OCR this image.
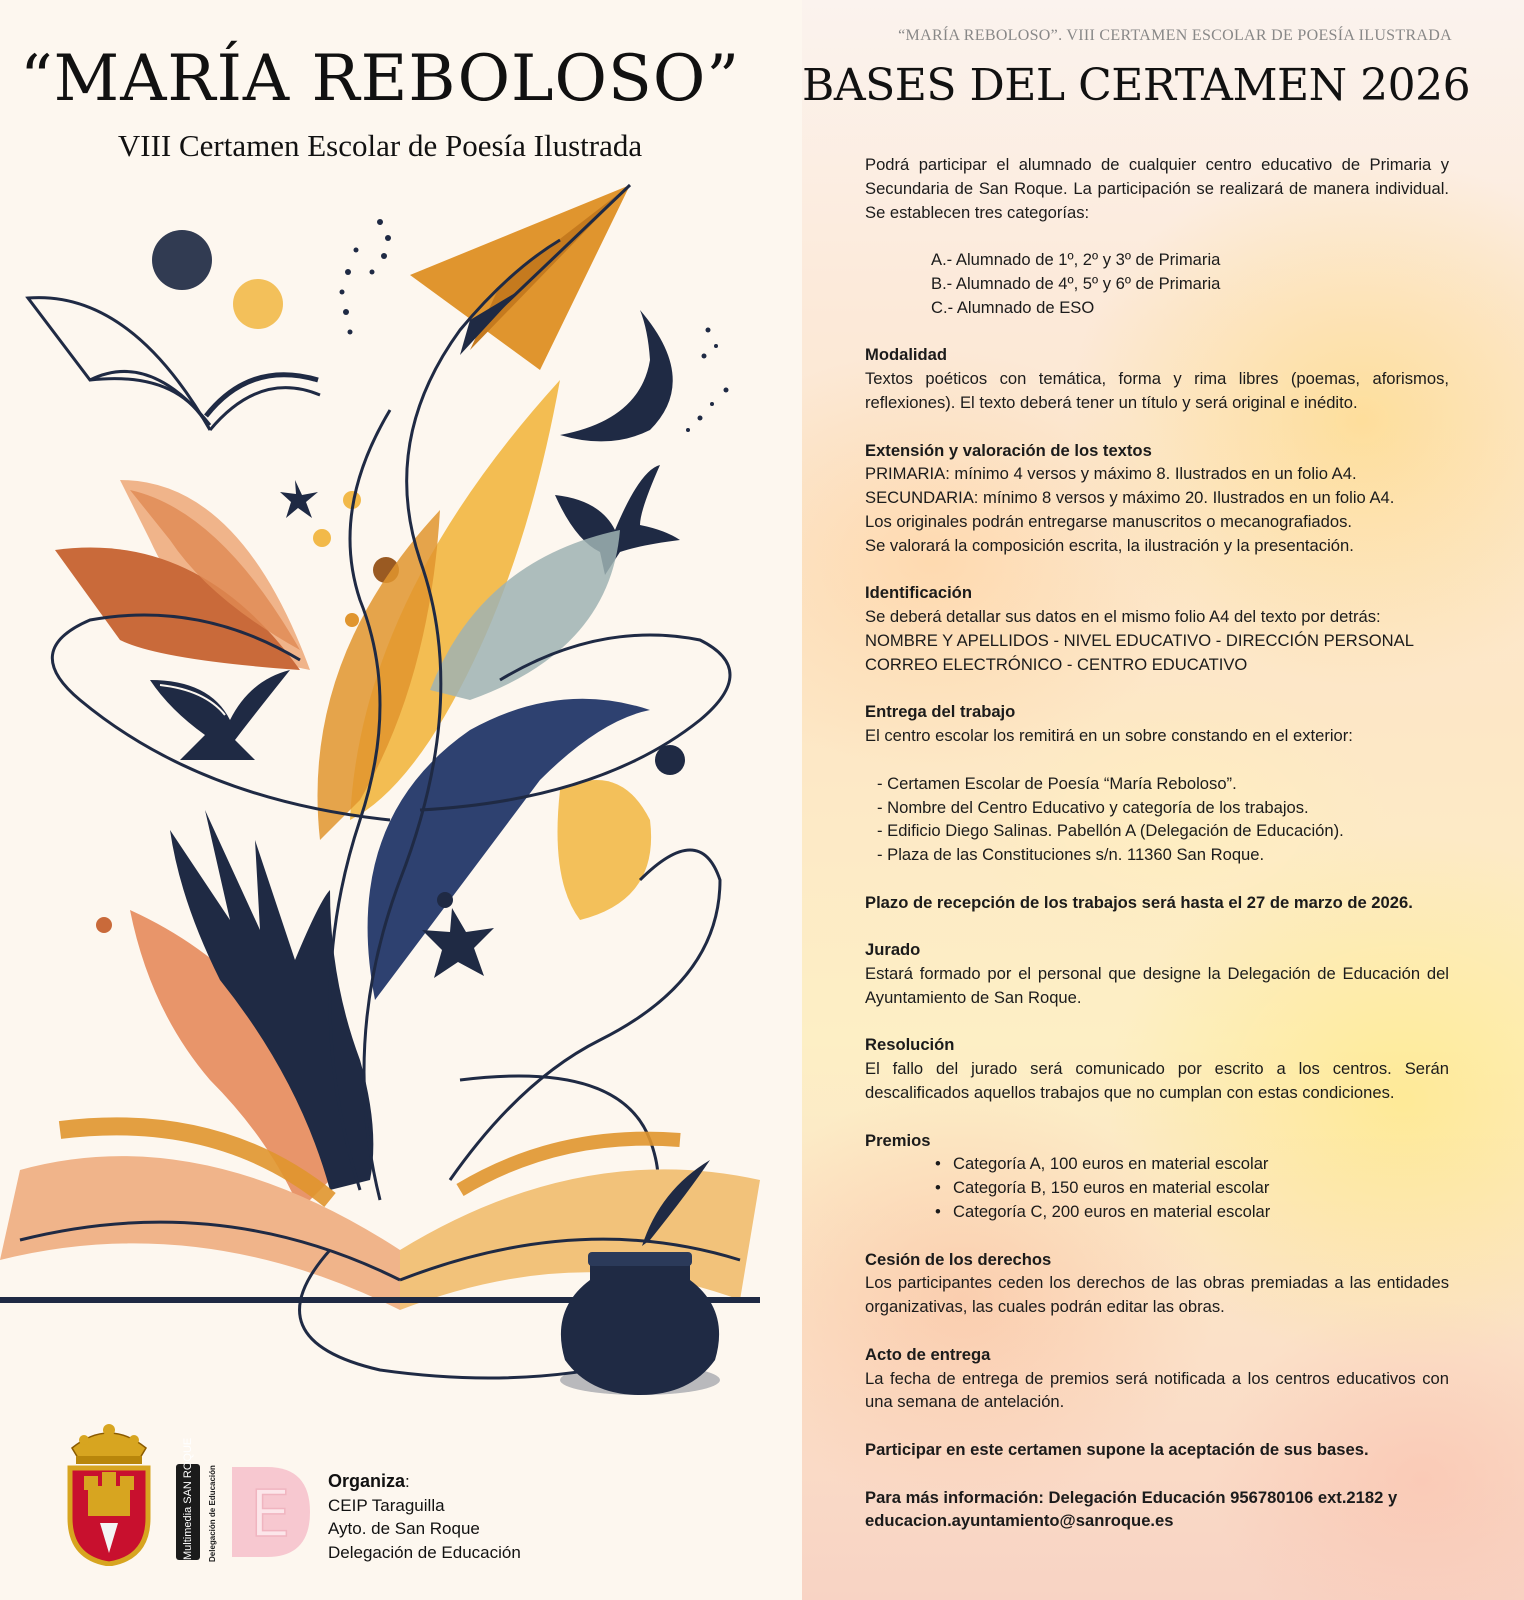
“MARÍA REBOLOSO”
VIII Certamen Escolar de Poesía Ilustrada
Multimedia SAN ROQUE	Delegación de Educación E Organiza:
CEIP Taraguilla
Ayto. de San Roque
Delegación de Educación
“MARÍA REBOLOSO”. VIII CERTAMEN ESCOLAR DE POESÍA ILUSTRADA
BASES DEL CERTAMEN 2026

Podrá participar el alumnado de cualquier centro educativo de Primaria y Secundaria de San Roque. La participación se realizará de manera individual. Se establecen tres categorías:

A.- Alumnado de 1º, 2º y 3º de Primaria

B.- Alumnado de 4º, 5º y 6º de Primaria

C.- Alumnado de ESO

Modalidad

Textos poéticos con temática, forma y rima libres (poemas, aforismos, reflexiones). El texto deberá tener un título y será original e inédito.

Extensión y valoración de los textos

PRIMARIA: mínimo 4 versos y máximo 8. Ilustrados en un folio A4.

SECUNDARIA: mínimo 8 versos y máximo 20. Ilustrados en un folio A4.

Los originales podrán entregarse manuscritos o mecanografiados.

Se valorará la composición escrita, la ilustración y la presentación.

Identificación

Se deberá detallar sus datos en el mismo folio A4 del texto por detrás:

NOMBRE Y APELLIDOS - NIVEL EDUCATIVO - DIRECCIÓN PERSONAL

CORREO ELECTRÓNICO - CENTRO EDUCATIVO

Entrega del trabajo

El centro escolar los remitirá en un sobre constando en el exterior:

- Certamen Escolar de Poesía “María Reboloso”.

- Nombre del Centro Educativo y categoría de los trabajos.

- Edificio Diego Salinas. Pabellón A (Delegación de Educación).

- Plaza de las Constituciones s/n. 11360 San Roque.

Plazo de recepción de los trabajos será hasta el 27 de marzo de 2026.

Jurado

Estará formado por el personal que designe la Delegación de Educación del Ayuntamiento de San Roque.

Resolución

El fallo del jurado será comunicado por escrito a los centros. Serán descalificados aquellos trabajos que no cumplan con estas condiciones.

Premios

• Categoría A, 100 euros en material escolar

• Categoría B, 150 euros en material escolar

• Categoría C, 200 euros en material escolar

Cesión de los derechos

Los participantes ceden los derechos de las obras premiadas a las entidades organizativas, las cuales podrán editar las obras.

Acto de entrega

La fecha de entrega de premios será notificada a los centros educativos con una semana de antelación.

Participar en este certamen supone la aceptación de sus bases.

Para más información: Delegación Educación 956780106 ext.2182 y

educacion.ayuntamiento@sanroque.es
